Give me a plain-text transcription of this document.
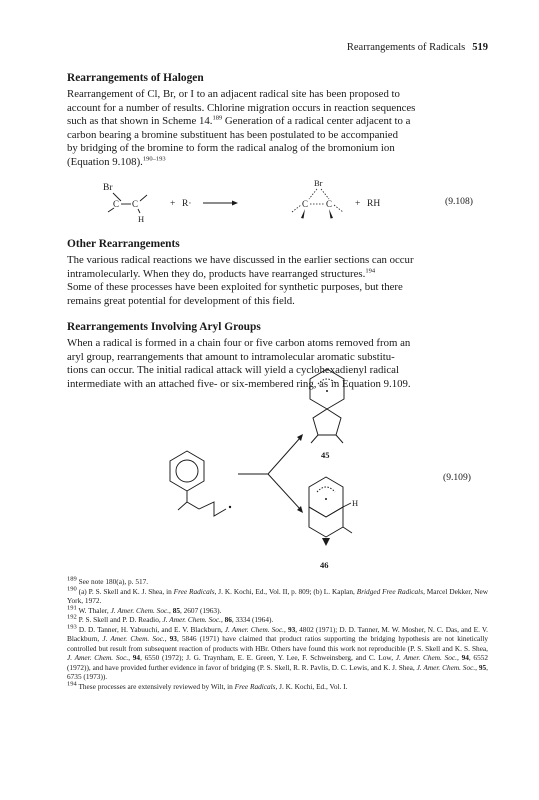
Rearrangements of Radicals 519
Rearrangements of Halogen
Rearrangement of Cl, Br, or I to an adjacent radical site has been proposed to
account for a number of results. Chlorine migration occurs in reaction sequences
such as that shown in Scheme 14.$^{189}$ Generation of a radical center adjacent to a
carbon bearing a bromine substituent has been postulated to be accompanied
by bridging of the bromine to form the radical analog of the bromonium ion
(Equation 9.108).$^{190-193}$
Br
C C
H
+ R·
Br
C C + RH	(9.108)
Other Rearrangements
The various radical reactions we have discussed in the earlier sections can occur
intramolecularly. When they do, products have rearranged structures.$^{194}$
Some of these processes have been exploited for synthetic purposes, but there
remains great potential for development of this field.
Rearrangements Involving Aryl Groups
When a radical is formed in a chain four or five carbon atoms removed from an
aryl group, rearrangements that amount to intramolecular aromatic substitu-
tions can occur. The initial radical attack will yield a cyclohexadienyl radical
intermediate with an attached five- or six-membered ring, as in Equation 9.109.
45
H
46
(9.109)
$^{189}$ See note 180(a), p. 517.
$^{190}$ (a) P. S. Skell and K. J. Shea, in Free Radicals, J. K. Kochi, Ed., Vol. II, p. 809; (b) L. Kaplan, Bridged Free Radicals, Marcel Dekker, New York, 1972.
$^{191}$ W. Thaler, J. Amer. Chem. Soc., 85, 2607 (1963).
$^{192}$ P. S. Skell and P. D. Readio, J. Amer. Chem. Soc., 86, 3334 (1964).
$^{193}$ D. D. Tanner, H. Yabuuchi, and E. V. Blackburn, J. Amer. Chem. Soc., 93, 4802 (1971); D. D. Tanner, M. W. Mosher, N. C. Das, and E. V. Blackburn, J. Amer. Chem. Soc., 93, 5846 (1971) have claimed that product ratios supporting the bridging hypothesis are not kinetically controlled but result from subsequent reaction of products with HBr. Others have found this work not reproducible (P. S. Skell and K. S. Shea, J. Amer. Chem. Soc., 94, 6550 (1972); J. G. Traynham, E. E. Green, Y. Lee, F. Schweinsberg, and C. Low, J. Amer. Chem. Soc., 94, 6552 (1972)), and have provided further evidence in favor of bridging (P. S. Skell, R. R. Pavlis, D. C. Lewis, and K. J. Shea, J. Amer. Chem. Soc., 95, 6735 (1973)).
$^{194}$ These processes are extensively reviewed by Wilt, in Free Radicals, J. K. Kochi, Ed., Vol. I.
